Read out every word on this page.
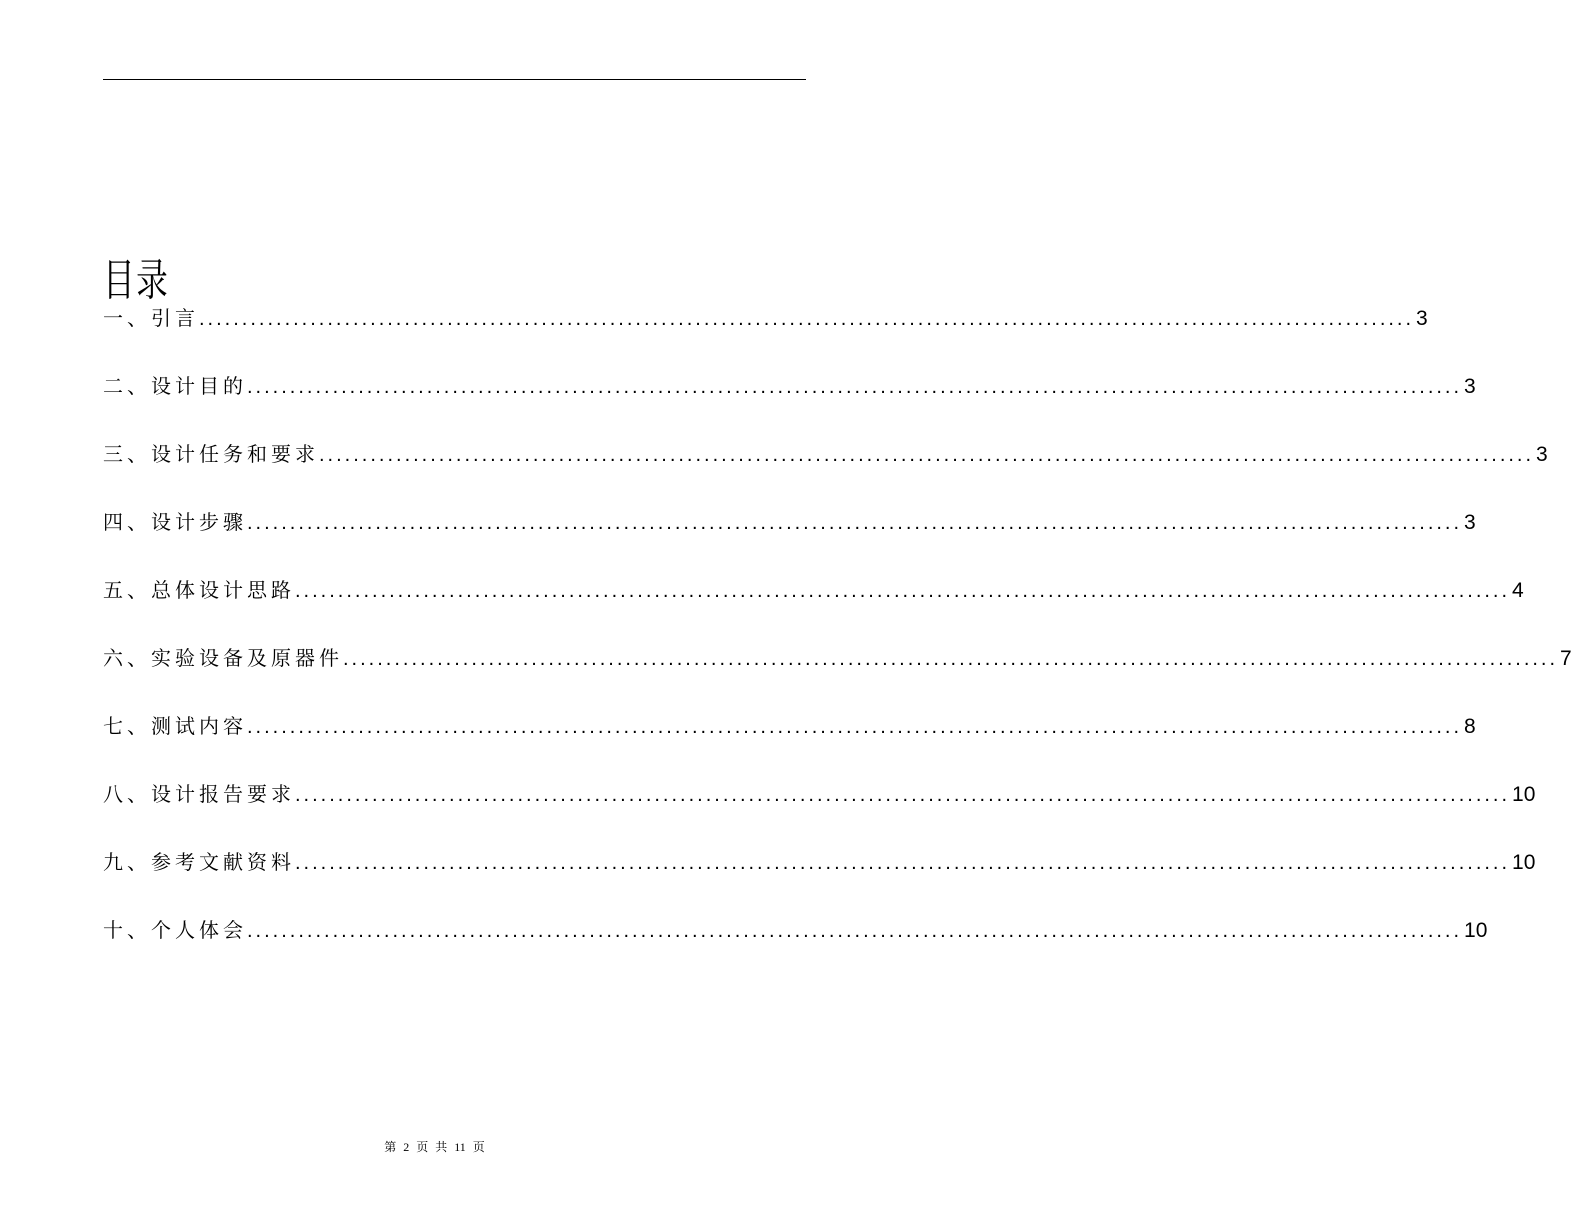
目录
一、引言 .............................................................................................................................................. 3
二、设计目的 .............................................................................................................................................. 3
三、设计任务和要求 .............................................................................................................................................. 3
四、设计步骤 .............................................................................................................................................. 3
五、总体设计思路 .............................................................................................................................................. 4
六、实验设备及原器件 .............................................................................................................................................. 7
七、测试内容 .............................................................................................................................................. 8
八、设计报告要求 .............................................................................................................................................. 10
九、参考文献资料 .............................................................................................................................................. 10
十、个人体会 .............................................................................................................................................. 10
第 2 页 共 11 页
